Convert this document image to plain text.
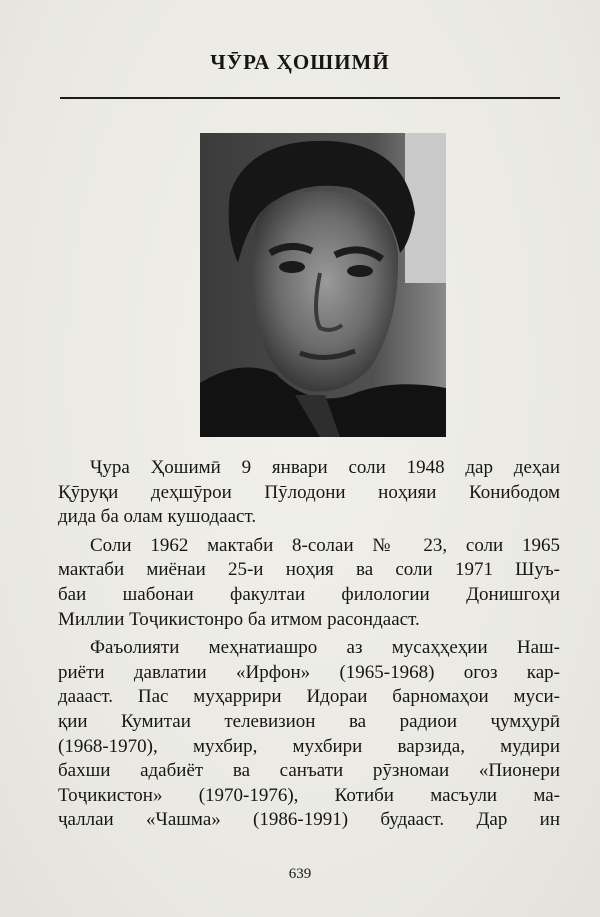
ЧӮРА ҲОШИМӢ

Ҷура Ҳошимӣ 9 январи соли 1948 дар деҳаи
Қӯруқи деҳшӯрои Пӯлодони ноҳияи Конибодом
дида ба олам кушодааст.

Соли 1962 мактаби 8-солаи № 23, соли 1965
мактаби миёнаи 25-и ноҳия ва соли 1971 Шуъ-
баи шабонаи факултаи филологии Донишгоҳи
Миллии Тоҷикистонро ба итмом расондааст.

Фаъолияти меҳнатиашро аз мусаҳҳеҳии Наш-
риёти давлатии «Ирфон» (1965-1968) огоз кар-
даааст. Пас муҳаррири Идораи барномаҳои муси-
қии Кумитаи телевизион ва радиои ҷумҳурӣ
(1968-1970), мухбир, мухбири варзида, мудири
бахши адабиёт ва санъати рӯзномаи «Пионери
Тоҷикистон» (1970-1976), Котиби масъули ма-
ҷаллаи «Чашма» (1986-1991) будааст. Дар ин

639
